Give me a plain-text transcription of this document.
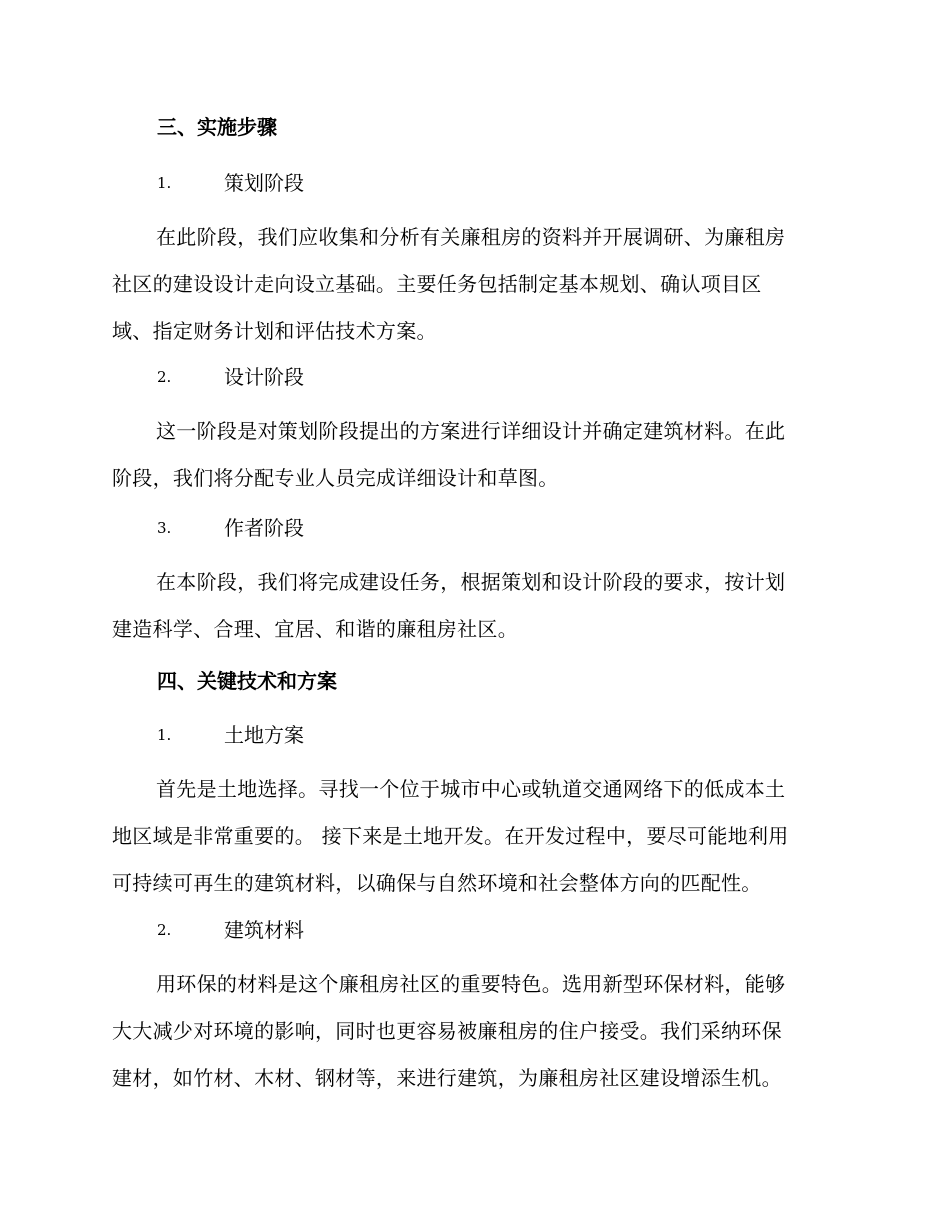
三、实施步骤
1.	策划阶段
在此阶段，我们应收集和分析有关廉租房的资料并开展调研、为廉租房
社区的建设设计走向设立基础。主要任务包括制定基本规划、确认项目区
域、指定财务计划和评估技术方案。
2.	设计阶段
这一阶段是对策划阶段提出的方案进行详细设计并确定建筑材料。在此
阶段，我们将分配专业人员完成详细设计和草图。
3.	作者阶段
在本阶段，我们将完成建设任务，根据策划和设计阶段的要求，按计划
建造科学、合理、宜居、和谐的廉租房社区。
四、关键技术和方案
1.	土地方案
首先是土地选择。寻找一个位于城市中心或轨道交通网络下的低成本土
地区域是非常重要的。 接下来是土地开发。在开发过程中，要尽可能地利用
可持续可再生的建筑材料，以确保与自然环境和社会整体方向的匹配性。
2.	建筑材料
用环保的材料是这个廉租房社区的重要特色。选用新型环保材料，能够
大大减少对环境的影响，同时也更容易被廉租房的住户接受。我们采纳环保
建材，如竹材、木材、钢材等，来进行建筑，为廉租房社区建设增添生机。
